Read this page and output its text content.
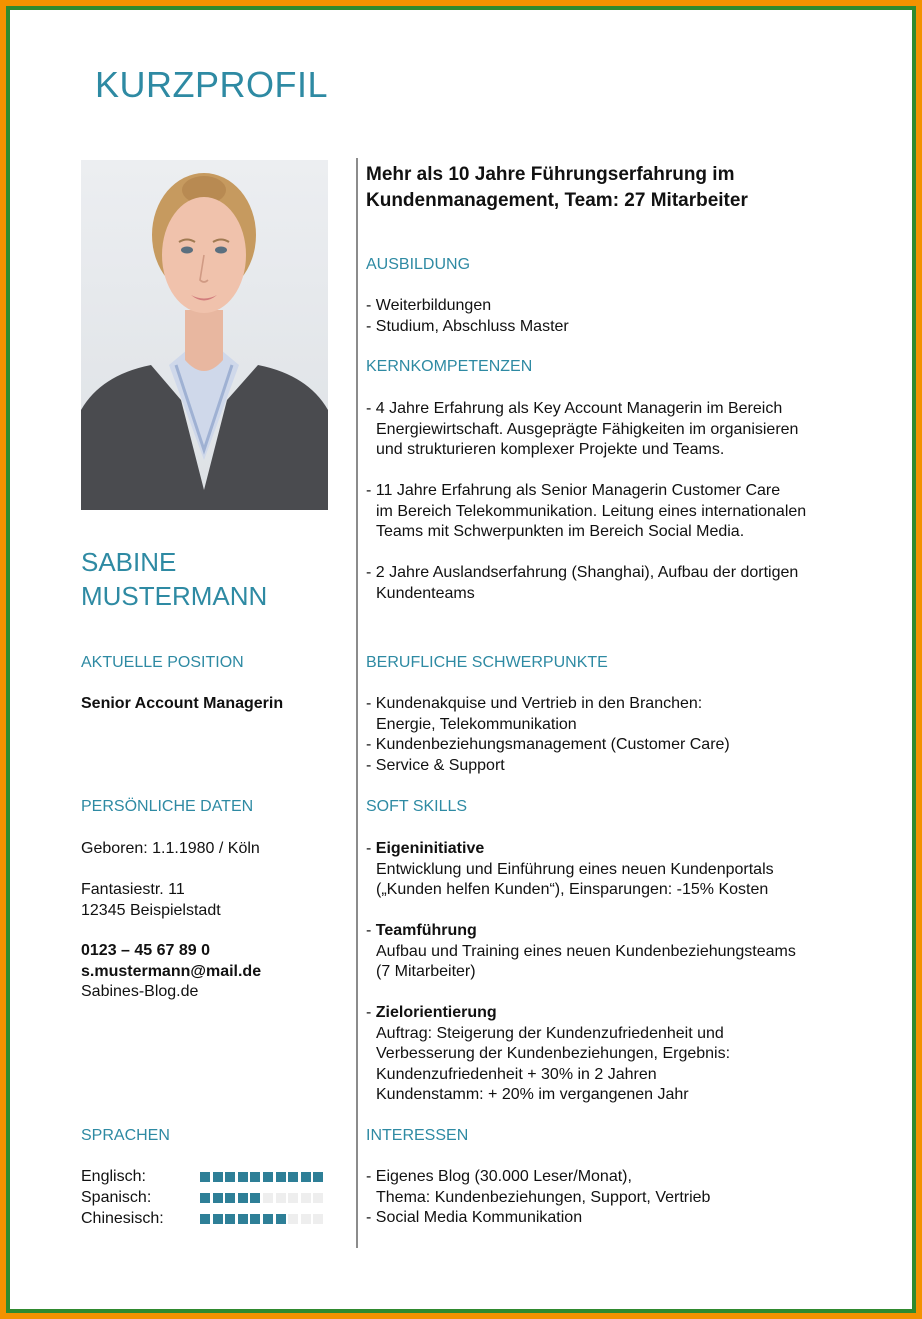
KURZPROFIL
SABINE
MUSTERMANN
Mehr als 10 Jahre Führungserfahrung im
Kundenmanagement, Team: 27 Mitarbeiter
AUSBILDUNG
- Weiterbildungen
- Studium, Abschluss Master
KERNKOMPETENZEN
- 4 Jahre Erfahrung als Key Account Managerin im Bereich
Energiewirtschaft. Ausgeprägte Fähigkeiten im organisieren
und strukturieren komplexer Projekte und Teams.
- 11 Jahre Erfahrung als Senior Managerin Customer Care
im Bereich Telekommunikation. Leitung eines internationalen
Teams mit Schwerpunkten im Bereich Social Media.
- 2 Jahre Auslandserfahrung (Shanghai), Aufbau der dortigen
Kundenteams
AKTUELLE POSITION
Senior Account Managerin
BERUFLICHE SCHWERPUNKTE
- Kundenakquise und Vertrieb in den Branchen:
Energie, Telekommunikation
- Kundenbeziehungsmanagement (Customer Care)
- Service & Support
PERSÖNLICHE DATEN
Geboren: 1.1.1980 / Köln
Fantasiestr. 11
12345 Beispielstadt
0123 – 45 67 89 0
s.mustermann@mail.de
Sabines-Blog.de
SOFT SKILLS
- Eigeninitiative
Entwicklung und Einführung eines neuen Kundenportals
(„Kunden helfen Kunden“), Einsparungen: -15% Kosten
- Teamführung
Aufbau und Training eines neuen Kundenbeziehungsteams
(7 Mitarbeiter)
- Zielorientierung
Auftrag: Steigerung der Kundenzufriedenheit und
Verbesserung der Kundenbeziehungen, Ergebnis:
Kundenzufriedenheit + 30% in 2 Jahren
Kundenstamm: + 20% im vergangenen Jahr
SPRACHEN
Englisch:
Spanisch:
Chinesisch:
INTERESSEN
- Eigenes Blog (30.000 Leser/Monat),
Thema: Kundenbeziehungen, Support, Vertrieb
- Social Media Kommunikation
